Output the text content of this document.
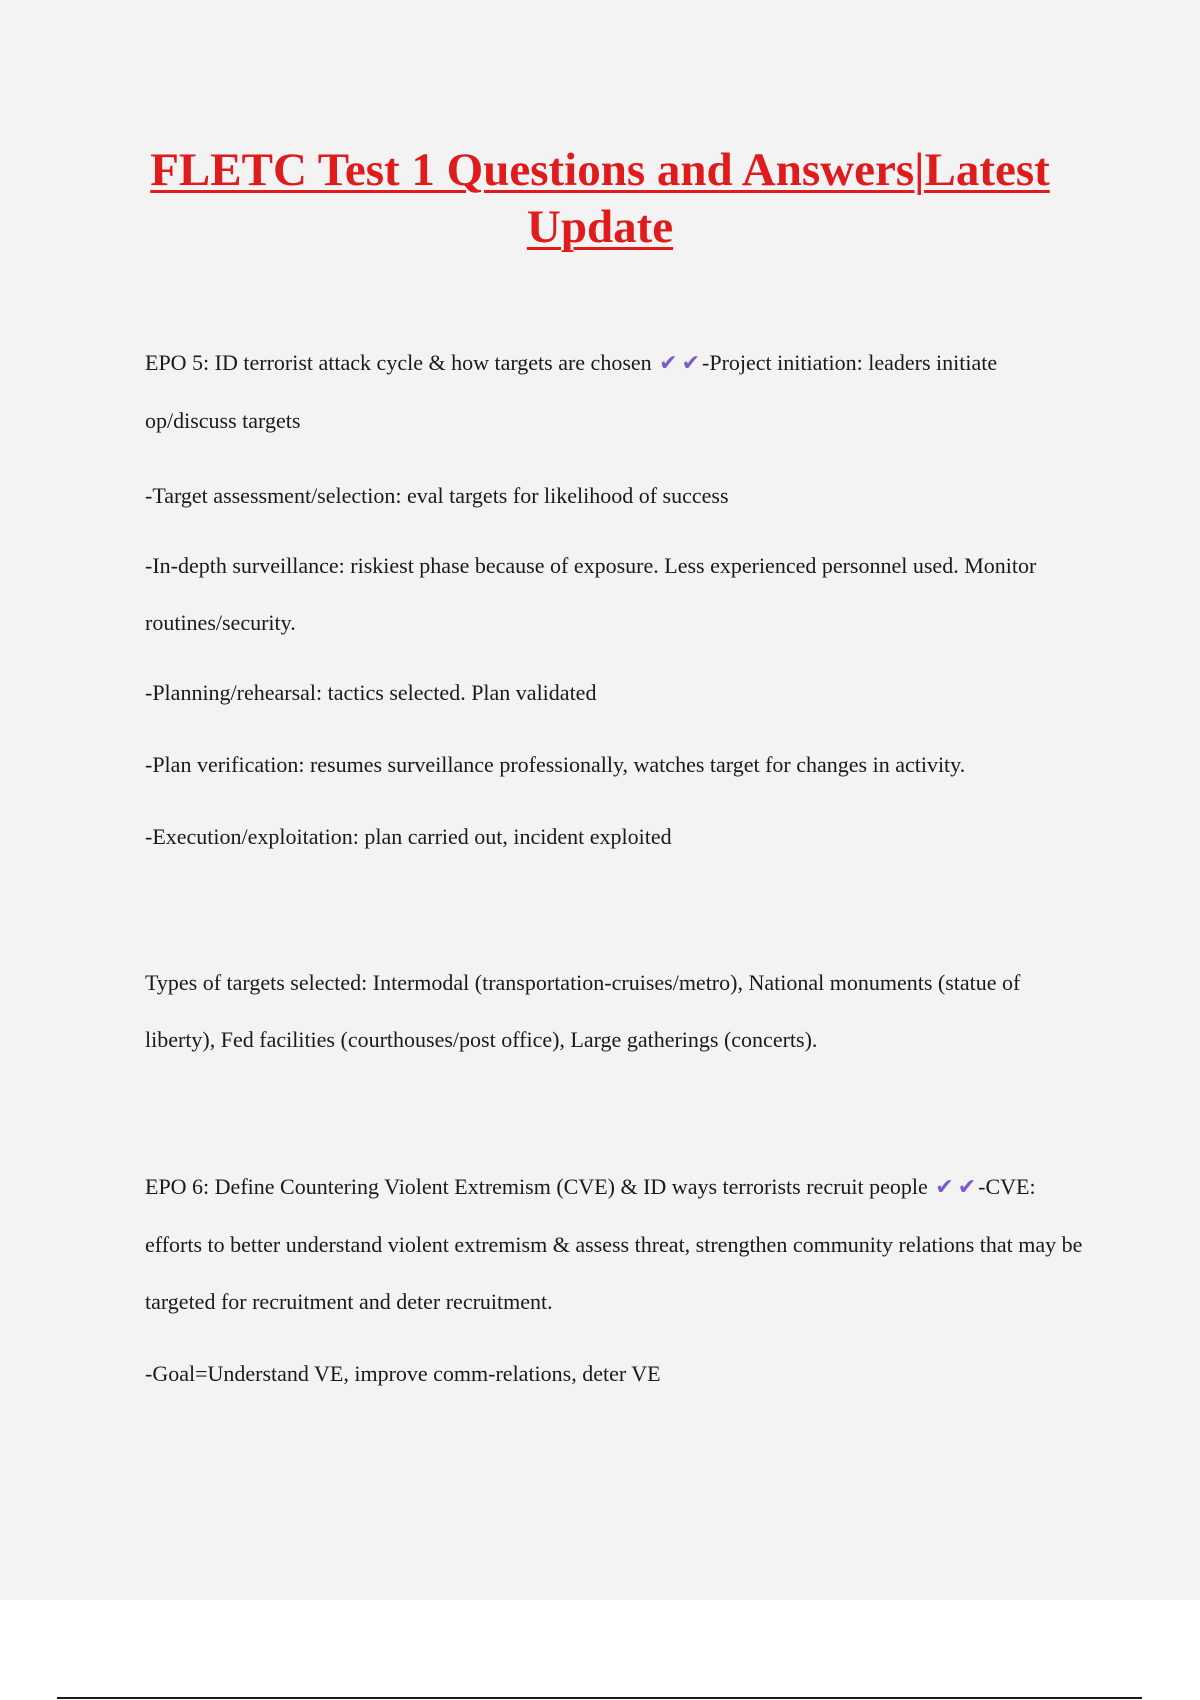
FLETC Test 1 Questions and Answers|Latest Update

EPO 5: ID terrorist attack cycle & how targets are chosen ✔ ✔-Project initiation: leaders initiate op/discuss targets

-Target assessment/selection: eval targets for likelihood of success

-In-depth surveillance: riskiest phase because of exposure. Less experienced personnel used. Monitor routines/security.

-Planning/rehearsal: tactics selected. Plan validated

-Plan verification: resumes surveillance professionally, watches target for changes in activity.

-Execution/exploitation: plan carried out, incident exploited

Types of targets selected: Intermodal (transportation-cruises/metro), National monuments (statue of liberty), Fed facilities (courthouses/post office), Large gatherings (concerts).

EPO 6: Define Countering Violent Extremism (CVE) & ID ways terrorists recruit people ✔ ✔-CVE: efforts to better understand violent extremism & assess threat, strengthen community relations that may be targeted for recruitment and deter recruitment.

-Goal=Understand VE, improve comm-relations, deter VE
